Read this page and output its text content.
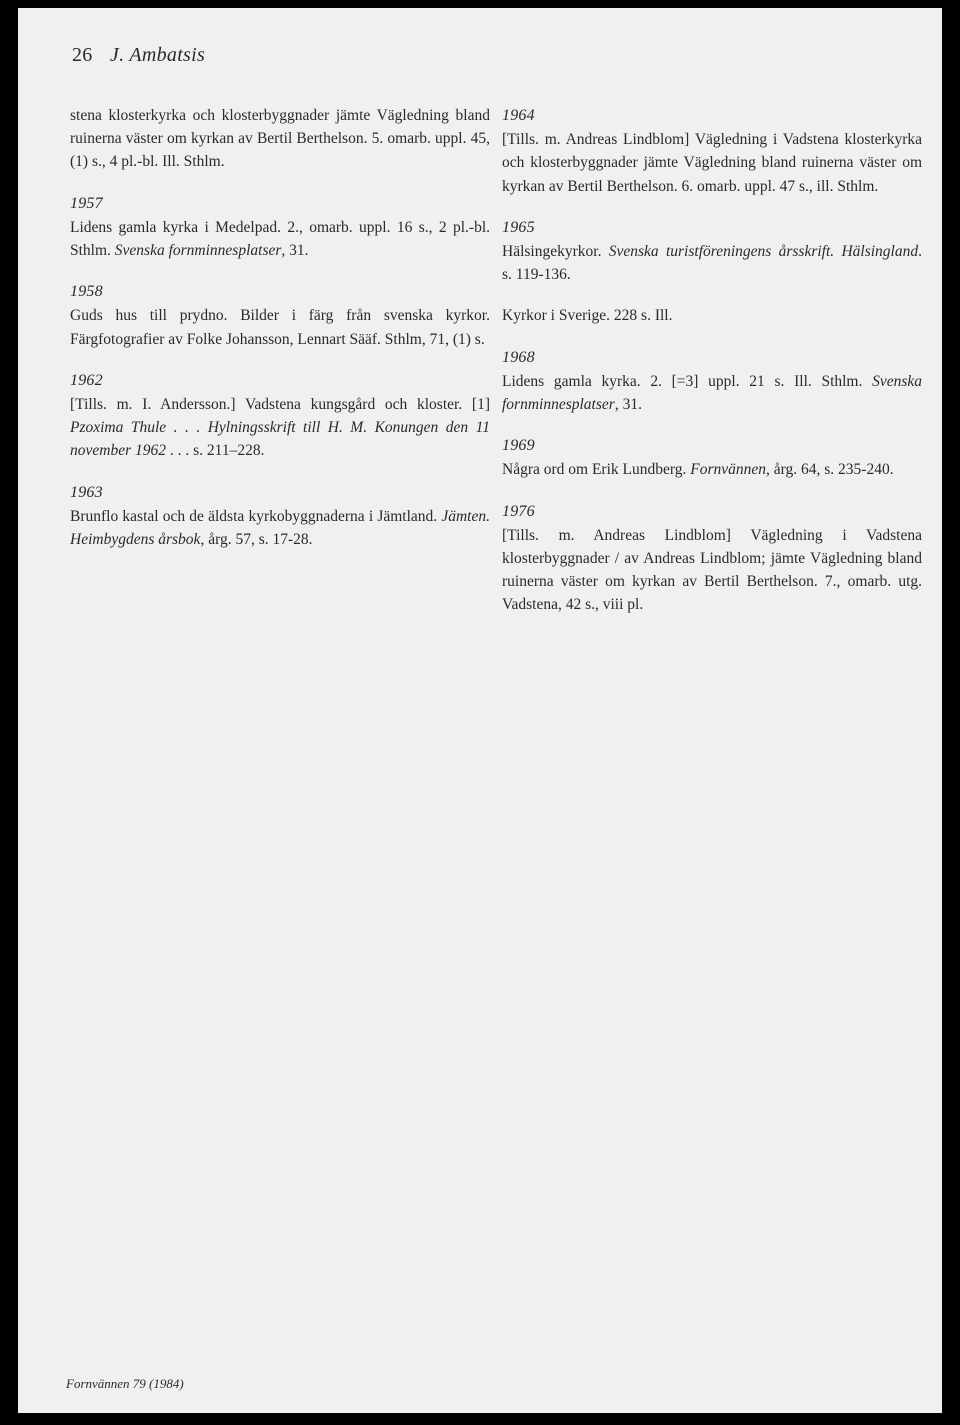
26 J. Ambatsis
stena klosterkyrka och klosterbyggnader jämte Vägledning bland ruinerna väster om kyrkan av Bertil Berthelson. 5. omarb. uppl. 45, (1) s., 4 pl.-bl. Ill. Sthlm.
1957
Lidens gamla kyrka i Medelpad. 2., omarb. uppl. 16 s., 2 pl.-bl. Sthlm. Svenska fornminnesplatser, 31.
1958
Guds hus till prydno. Bilder i färg från svenska kyrkor. Färgfotografier av Folke Johansson, Lennart Sääf. Sthlm, 71, (1) s.
1962
[Tills. m. I. Andersson.] Vadstena kungsgård och kloster. [1] Pzoxima Thule . . . Hylningsskrift till H. M. Konungen den 11 november 1962 . . . s. 211–228.
1963
Brunflo kastal och de äldsta kyrkobyggnaderna i Jämtland. Jämten. Heimbygdens årsbok, årg. 57, s. 17-28.
1964
[Tills. m. Andreas Lindblom] Vägledning i Vadstena klosterkyrka och klosterbyggnader jämte Vägledning bland ruinerna väster om kyrkan av Bertil Berthelson. 6. omarb. uppl. 47 s., ill. Sthlm.
1965
Hälsingekyrkor. Svenska turistföreningens årsskrift. Hälsingland. s. 119-136.
Kyrkor i Sverige. 228 s. Ill.
1968
Lidens gamla kyrka. 2. [=3] uppl. 21 s. Ill. Sthlm. Svenska fornminnesplatser, 31.
1969
Några ord om Erik Lundberg. Fornvännen, årg. 64, s. 235-240.
1976
[Tills. m. Andreas Lindblom] Vägledning i Vadstena klosterbyggnader / av Andreas Lindblom; jämte Vägledning bland ruinerna väster om kyrkan av Bertil Berthelson. 7., omarb. utg. Vadstena, 42 s., viii pl.
Fornvännen 79 (1984)
